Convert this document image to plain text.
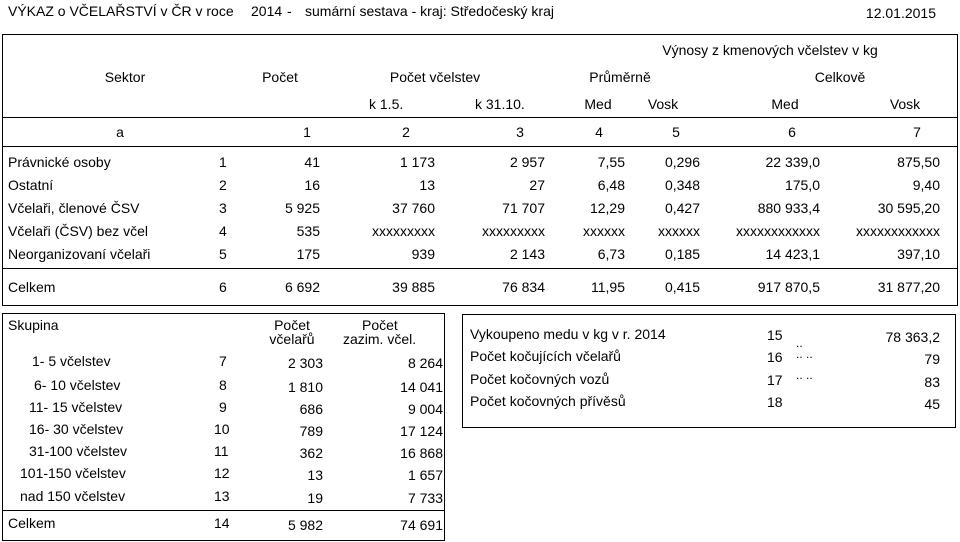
VÝKAZ o VČELAŘSTVÍ v ČR v roce 2014 - sumární sestava - kraj: Středočeský kraj	12.01.2015
Výnosy z kmenových včelstev v kg
Sektor	Počet	Počet včelstev	Průměrně	Celkově
k 1.5.	k 31.10.	Med	Vosk	Med	Vosk
a	1	2	3	4	5	6	7
Právnické osoby	1	41	1 173	2 957	7,55	0,296	22 339,0	875,50
Ostatní	2	16	13	27	6,48	0,348	175,0	9,40
Včelaři, členové ČSV	3	5 925	37 760	71 707	12,29	0,427	880 933,4	30 595,20
Včelaři (ČSV) bez včel	4	535	xxxxxxxxx	xxxxxxxxx	xxxxxx	xxxxxx	xxxxxxxxxxxx	xxxxxxxxxxxx
Neorganizovaní včelaři	5	175	939	2 143	6,73	0,185	14 423,1	397,10
Celkem	6	6 692	39 885	76 834	11,95	0,415	917 870,5	31 877,20
Skupina	Počet
včelařů
Počet
zazim. včel.
1- 5 včelstev	7	2 303	8 264
6- 10 včelstev	8	1 810	14 041
11- 15 včelstev	9	686	9 004
16- 30 včelstev	10	789	17 124
31-100 včelstev	11	362	16 868
101-150 včelstev	12	13	1 657
nad 150 včelstev	13	19	7 733
Celkem	14	5 982	74 691
Vykoupeno medu v kg v r. 2014	15 ..	78 363,2
Počet kočujících včelařů	16 .. ..	79
Počet kočovných vozů	17 .. ..	83
Počet kočovných přívěsů	18	45
